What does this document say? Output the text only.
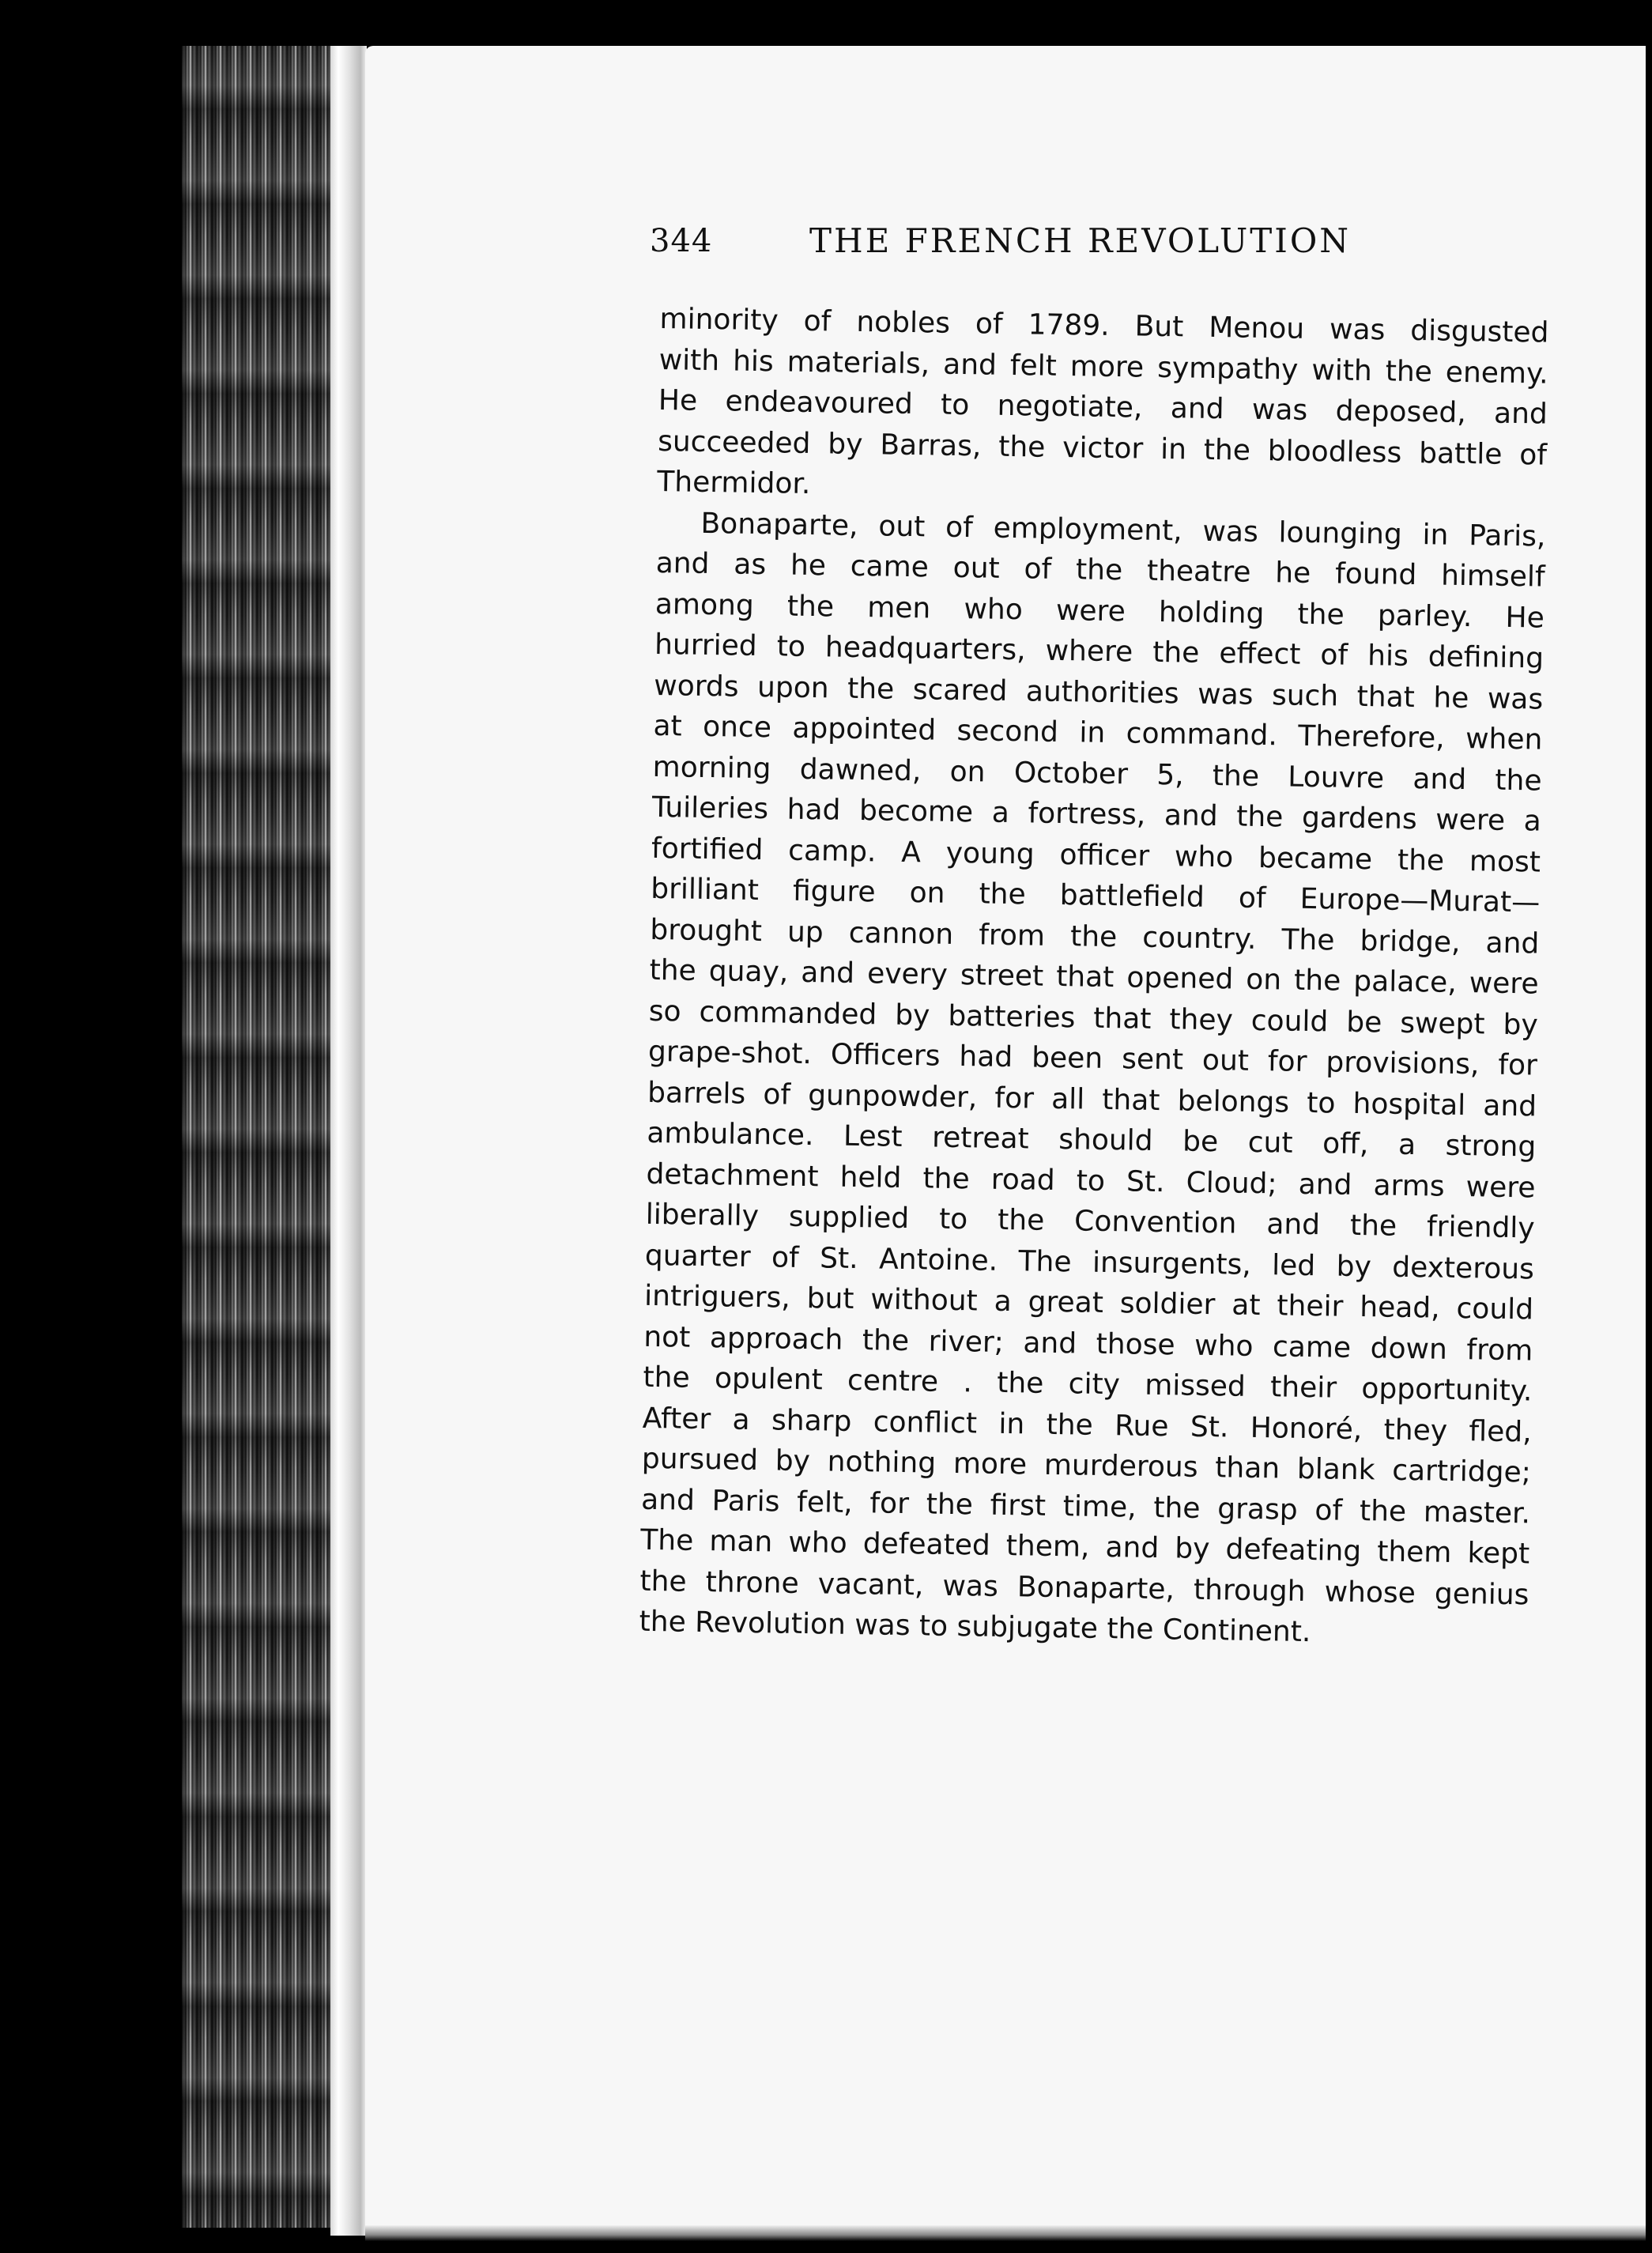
344	THE FRENCH REVOLUTION
minority of nobles of 1789. But Menou was disgusted
with his materials, and felt more sympathy with the enemy.
He endeavoured to negotiate, and was deposed, and
succeeded by Barras, the victor in the bloodless battle of
Thermidor.
Bonaparte, out of employment, was lounging in Paris,
and as he came out of the theatre he found himself
among the men who were holding the parley. He
hurried to headquarters, where the effect of his defining
words upon the scared authorities was such that he was
at once appointed second in command. Therefore, when
morning dawned, on October 5, the Louvre and the
Tuileries had become a fortress, and the gardens were a
fortified camp. A young officer who became the most
brilliant figure on the battlefield of Europe—Murat—
brought up cannon from the country. The bridge, and
the quay, and every street that opened on the palace, were
so commanded by batteries that they could be swept by
grape-shot. Officers had been sent out for provisions, for
barrels of gunpowder, for all that belongs to hospital and
ambulance. Lest retreat should be cut off, a strong
detachment held the road to St. Cloud; and arms were
liberally supplied to the Convention and the friendly
quarter of St. Antoine. The insurgents, led by dexterous
intriguers, but without a great soldier at their head, could
not approach the river; and those who came down from
the opulent centre . the city missed their opportunity.
After a sharp conflict in the Rue St. Honoré, they fled,
pursued by nothing more murderous than blank cartridge;
and Paris felt, for the first time, the grasp of the master.
The man who defeated them, and by defeating them kept
the throne vacant, was Bonaparte, through whose genius
the Revolution was to subjugate the Continent.
